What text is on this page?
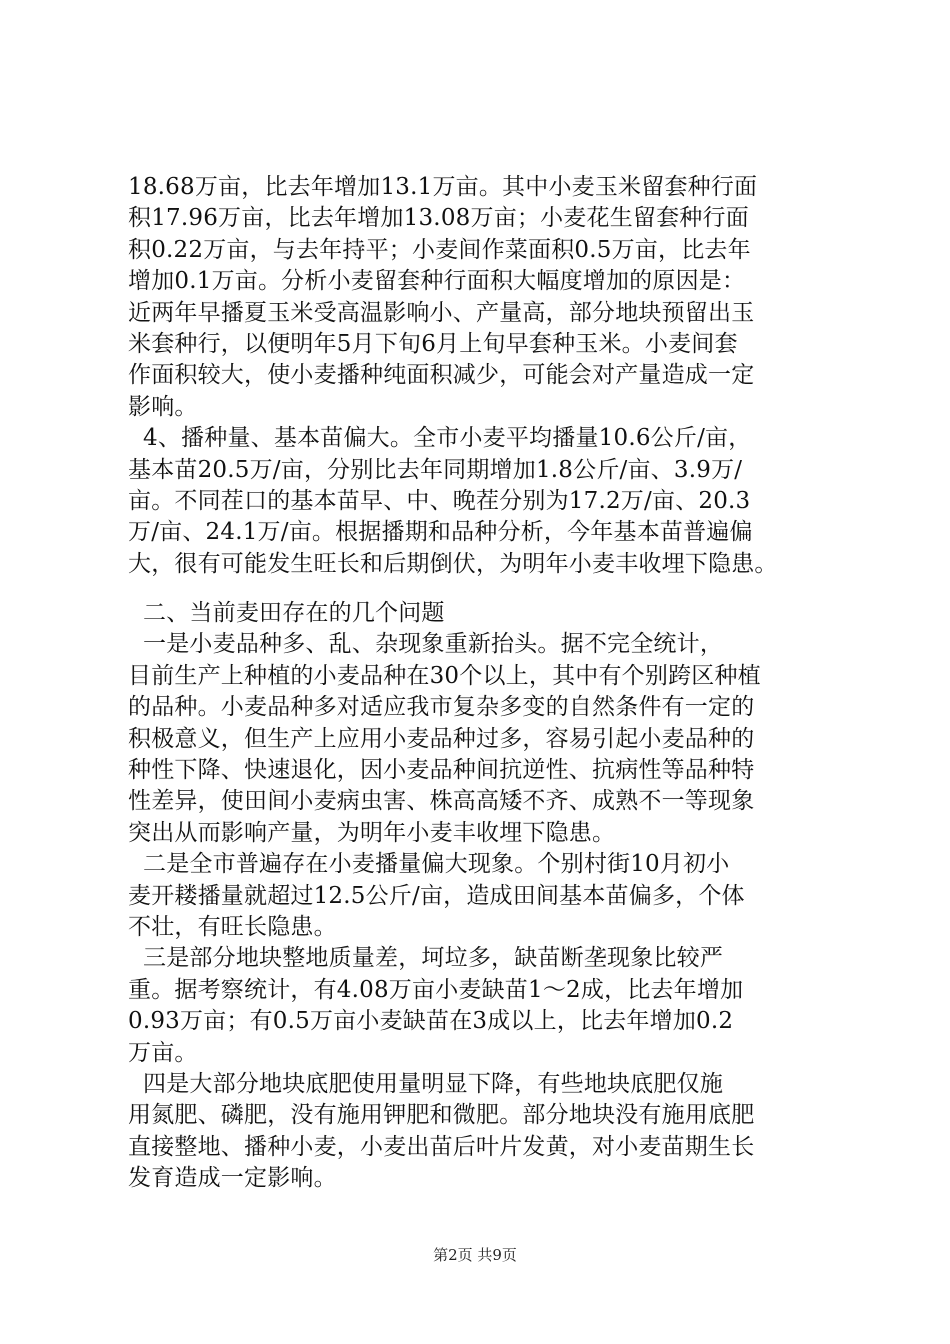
18.68万亩，比去年增加13.1万亩。其中小麦玉米留套种行面
积17.96万亩，比去年增加13.08万亩；小麦花生留套种行面
积0.22万亩，与去年持平；小麦间作菜面积0.5万亩，比去年
增加0.1万亩。分析小麦留套种行面积大幅度增加的原因是：
近两年早播夏玉米受高温影响小、产量高，部分地块预留出玉
米套种行，以便明年5月下旬6月上旬早套种玉米。小麦间套
作面积较大，使小麦播种纯面积减少，可能会对产量造成一定
影响。
4、播种量、基本苗偏大。全市小麦平均播量10.6公斤/亩，
基本苗20.5万/亩，分别比去年同期增加1.8公斤/亩、3.9万/
亩。不同茬口的基本苗早、中、晚茬分别为17.2万/亩、20.3
万/亩、24.1万/亩。根据播期和品种分析，今年基本苗普遍偏
大，很有可能发生旺长和后期倒伏，为明年小麦丰收埋下隐患。
二、当前麦田存在的几个问题
一是小麦品种多、乱、杂现象重新抬头。据不完全统计，
目前生产上种植的小麦品种在30个以上，其中有个别跨区种植
的品种。小麦品种多对适应我市复杂多变的自然条件有一定的
积极意义，但生产上应用小麦品种过多，容易引起小麦品种的
种性下降、快速退化，因小麦品种间抗逆性、抗病性等品种特
性差异，使田间小麦病虫害、株高高矮不齐、成熟不一等现象
突出从而影响产量，为明年小麦丰收埋下隐患。
二是全市普遍存在小麦播量偏大现象。个别村街10月初小
麦开耧播量就超过12.5公斤/亩，造成田间基本苗偏多，个体
不壮，有旺长隐患。
三是部分地块整地质量差，坷垃多，缺苗断垄现象比较严
重。据考察统计，有4.08万亩小麦缺苗1～2成，比去年增加
0.93万亩；有0.5万亩小麦缺苗在3成以上，比去年增加0.2
万亩。
四是大部分地块底肥使用量明显下降，有些地块底肥仅施
用氮肥、磷肥，没有施用钾肥和微肥。部分地块没有施用底肥
直接整地、播种小麦，小麦出苗后叶片发黄，对小麦苗期生长
发育造成一定影响。
第2页 共9页
